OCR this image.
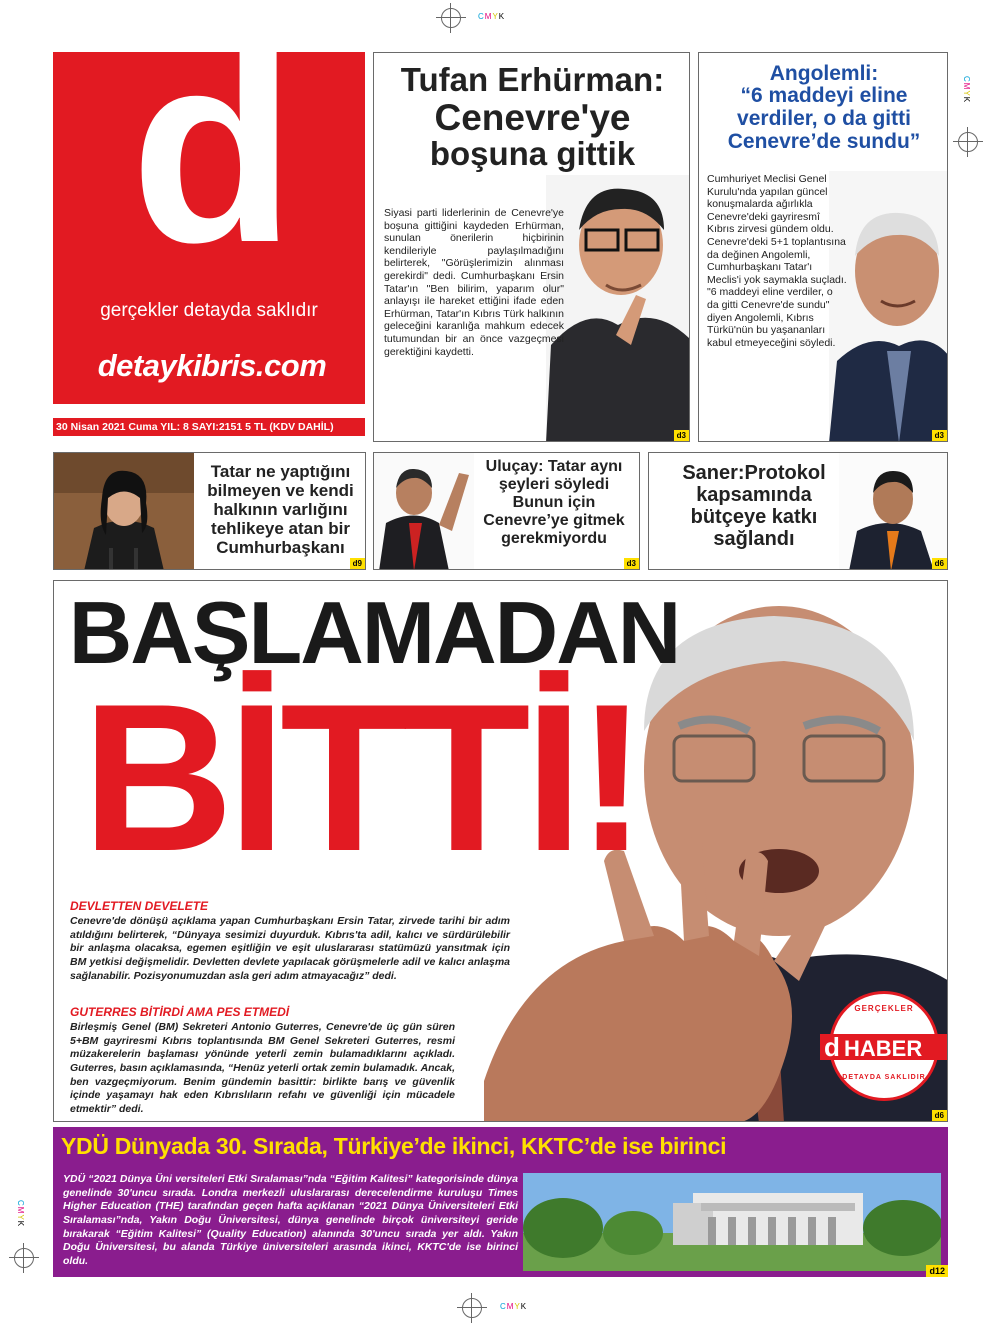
CMYK
CMYK
CMYK
CMYK
d
gerçekler detayda saklıdır
detaykibris.com
30 Nisan 2021 Cuma YIL: 8 SAYI:2151 5 TL (KDV DAHİL)
Tufan Erhürman:
Cenevre'ye
boşuna gittik
Siyasi parti liderlerinin de Cenevre'ye boşuna gittiğini kaydeden Erhürman, sunulan önerilerin hiçbirinin kendileriyle paylaşılmadığını belirterek, "Görüşlerimizin alınması gerekirdi" dedi. Cumhurbaşkanı Ersin Tatar'ın "Ben bilirim, yaparım olur" anlayışı ile hareket ettiğini ifade eden Erhürman, Tatar'ın Kıbrıs Türk halkının geleceğini karanlığa mahkum edecek tutumundan bir an önce vazgeçmesi gerektiğini kaydetti.
d3
Angolemli:
“6 maddeyi eline
verdiler, o da gitti
Cenevre’de sundu”
Cumhuriyet Meclisi Genel Kurulu'nda yapılan güncel konuşmalarda ağırlıkla Cenevre'deki gayriresmî Kıbrıs zirvesi gündem oldu. Cenevre'deki 5+1 toplantısına da değinen Angolemli, Cumhurbaşkanı Tatar'ı Meclis'i yok saymakla suçladı. "6 maddeyi eline verdiler, o da gitti Cenevre'de sundu" diyen Angolemli, Kıbrıs Türkü'nün bu yaşananları kabul etmeyeceğini söyledi.
d3
Tatar ne yaptığını
bilmeyen ve kendi
halkının varlığını
tehlikeye atan bir
Cumhurbaşkanı
d9
Uluçay: Tatar aynı
şeyleri söyledi
Bunun için
Cenevre’ye gitmek
gerekmiyordu
d3
Saner:Protokol
kapsamında
bütçeye katkı
sağlandı
d6
BAŞLAMADAN
BİTTİ!
DEVLETTEN DEVELETE
Cenevre'de dönüşü açıklama yapan Cumhurbaşkanı Ersin Tatar, zirvede tarihi bir adım atıldığını belirterek, “Dünyaya sesimizi duyurduk. Kıbrıs'ta adil, kalıcı ve sürdürülebilir bir anlaşma olacaksa, egemen eşitliğin ve eşit uluslararası statümüzü yansıtmak için BM yetkisi değişmelidir. Devletten devlete yapılacak görüşmelerle adil ve kalıcı anlaşma sağlanabilir. Pozisyonumuzdan asla geri adım atmayacağız” dedi.
GUTERRES BİTİRDİ AMA PES ETMEDİ
Birleşmiş Genel (BM) Sekreteri Antonio Guterres, Cenevre'de üç gün süren 5+BM gayriresmi Kıbrıs toplantısında BM Genel Sekreteri Guterres, resmi müzakerelerin başlaması yönünde yeterli zemin bulamadıklarını açıkladı. Guterres, basın açıklamasında, “Henüz yeterli ortak zemin bulamadık. Ancak, ben vazgeçmiyorum. Benim gündemin basittir: birlikte barış ve güvenlik içinde yaşamayı hak eden Kıbrıslıların refahı ve güvenliği için mücadele etmektir” dedi.
GERÇEKLER
d HABER
DETAYDA SAKLIDIR
d6
YDÜ Dünyada 30. Sırada, Türkiye’de ikinci, KKTC’de ise birinci
YDÜ “2021 Dünya Üni versiteleri Etki Sıralaması”nda “Eğitim Kalitesi” kategorisinde dünya genelinde 30'uncu sırada. Londra merkezli uluslararası derecelendirme kuruluşu Times Higher Education (THE) tarafından geçen hafta açıklanan “2021 Dünya Üniversiteleri Etki Sıralaması”nda, Yakın Doğu Üniversitesi, dünya genelinde birçok üniversiteyi geride bırakarak “Eğitim Kalitesi” (Quality Education) alanında 30'uncu sırada yer aldı. Yakın Doğu Üniversitesi, bu alanda Türkiye üniversiteleri arasında ikinci, KKTC'de ise birinci oldu.
d12
